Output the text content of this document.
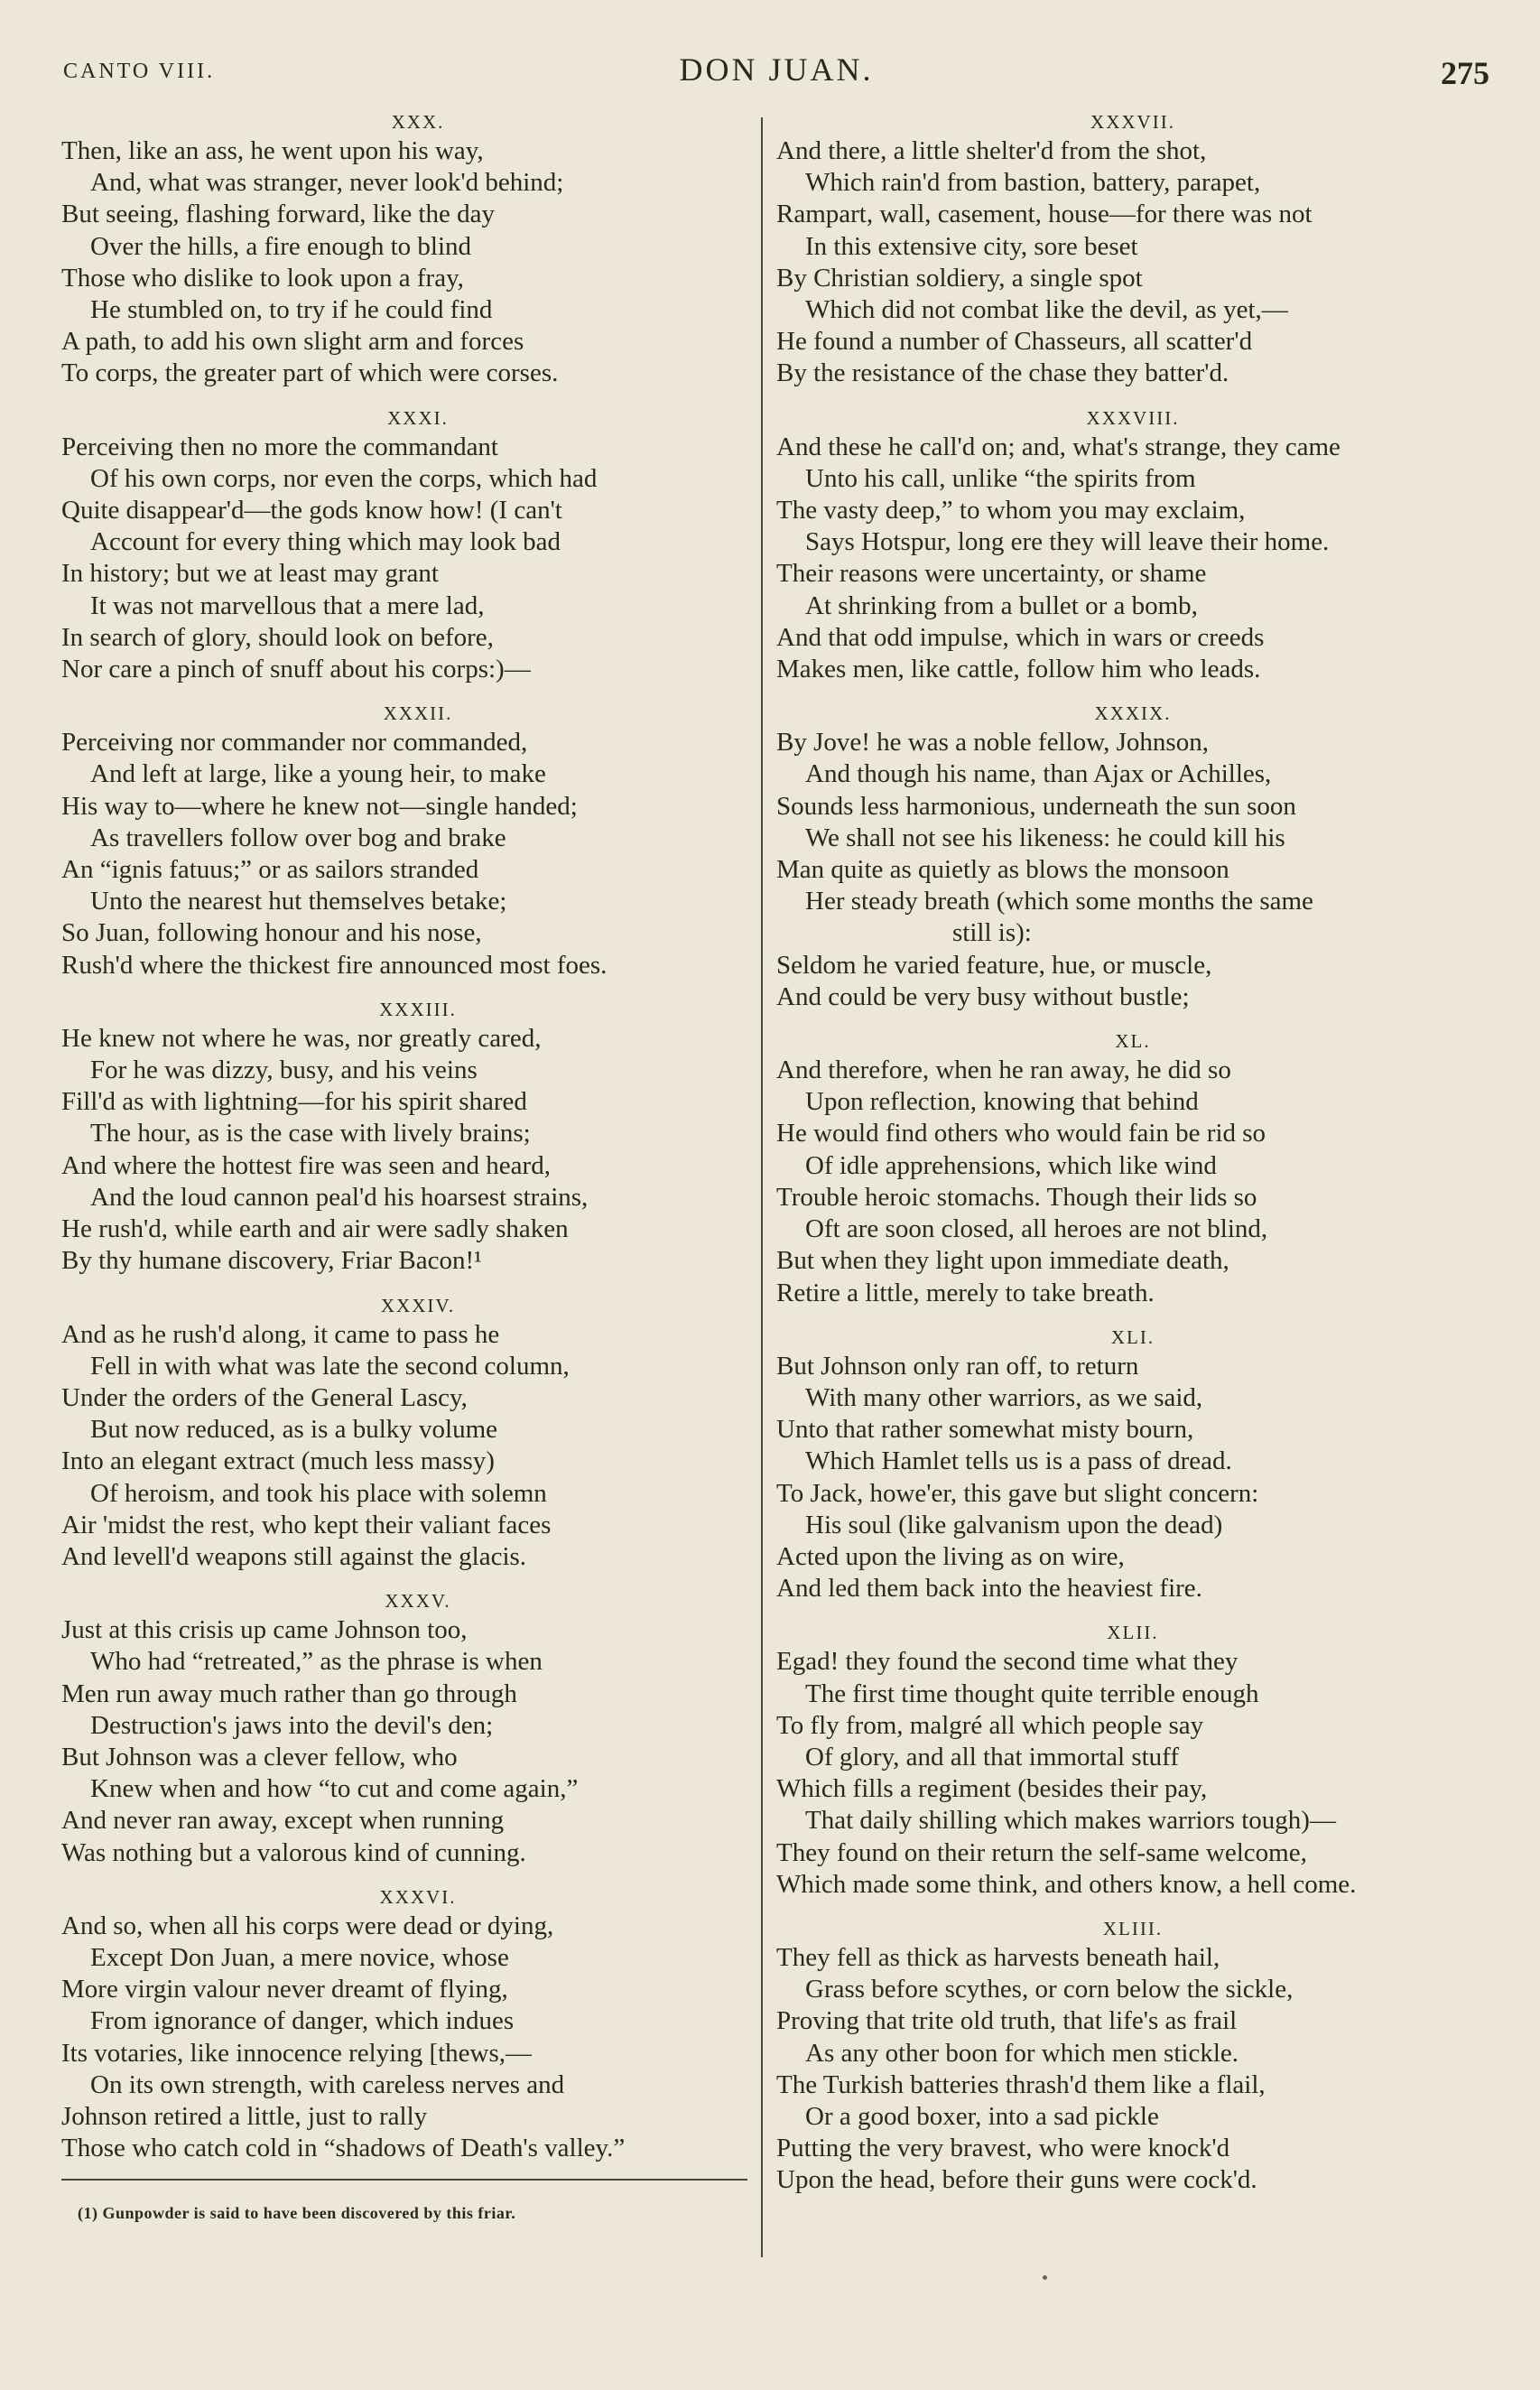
CANTO VIII.	DON JUAN.	275
XXX.
Then, like an ass, he went upon his way,
And, what was stranger, never look'd behind;
But seeing, flashing forward, like the day
Over the hills, a fire enough to blind
Those who dislike to look upon a fray,
He stumbled on, to try if he could find
A path, to add his own slight arm and forces
To corps, the greater part of which were corses.
XXXI.
Perceiving then no more the commandant
Of his own corps, nor even the corps, which had
Quite disappear'd—the gods know how! (I can't
Account for every thing which may look bad
In history; but we at least may grant
It was not marvellous that a mere lad,
In search of glory, should look on before,
Nor care a pinch of snuff about his corps:)—
XXXII.
Perceiving nor commander nor commanded,
And left at large, like a young heir, to make
His way to—where he knew not—single handed;
As travellers follow over bog and brake
An “ignis fatuus;” or as sailors stranded
Unto the nearest hut themselves betake;
So Juan, following honour and his nose,
Rush'd where the thickest fire announced most foes.
XXXIII.
He knew not where he was, nor greatly cared,
For he was dizzy, busy, and his veins
Fill'd as with lightning—for his spirit shared
The hour, as is the case with lively brains;
And where the hottest fire was seen and heard,
And the loud cannon peal'd his hoarsest strains,
He rush'd, while earth and air were sadly shaken
By thy humane discovery, Friar Bacon!¹
XXXIV.
And as he rush'd along, it came to pass he
Fell in with what was late the second column,
Under the orders of the General Lascy,
But now reduced, as is a bulky volume
Into an elegant extract (much less massy)
Of heroism, and took his place with solemn
Air 'midst the rest, who kept their valiant faces
And levell'd weapons still against the glacis.
XXXV.
Just at this crisis up came Johnson too,
Who had “retreated,” as the phrase is when
Men run away much rather than go through
Destruction's jaws into the devil's den;
But Johnson was a clever fellow, who
Knew when and how “to cut and come again,”
And never ran away, except when running
Was nothing but a valorous kind of cunning.
XXXVI.
And so, when all his corps were dead or dying,
Except Don Juan, a mere novice, whose
More virgin valour never dreamt of flying,
From ignorance of danger, which indues
Its votaries, like innocence relying [thews,—
On its own strength, with careless nerves and
Johnson retired a little, just to rally
Those who catch cold in “shadows of Death's valley.”
(1) Gunpowder is said to have been discovered by this friar.
XXXVII.
And there, a little shelter'd from the shot,
Which rain'd from bastion, battery, parapet,
Rampart, wall, casement, house—for there was not
In this extensive city, sore beset
By Christian soldiery, a single spot
Which did not combat like the devil, as yet,—
He found a number of Chasseurs, all scatter'd
By the resistance of the chase they batter'd.
XXXVIII.
And these he call'd on; and, what's strange, they came
Unto his call, unlike “the spirits from
The vasty deep,” to whom you may exclaim,
Says Hotspur, long ere they will leave their home.
Their reasons were uncertainty, or shame
At shrinking from a bullet or a bomb,
And that odd impulse, which in wars or creeds
Makes men, like cattle, follow him who leads.
XXXIX.
By Jove! he was a noble fellow, Johnson,
And though his name, than Ajax or Achilles,
Sounds less harmonious, underneath the sun soon
We shall not see his likeness: he could kill his
Man quite as quietly as blows the monsoon
Her steady breath (which some months the same
still is):
Seldom he varied feature, hue, or muscle,
And could be very busy without bustle;
XL.
And therefore, when he ran away, he did so
Upon reflection, knowing that behind
He would find others who would fain be rid so
Of idle apprehensions, which like wind
Trouble heroic stomachs. Though their lids so
Oft are soon closed, all heroes are not blind,
But when they light upon immediate death,
Retire a little, merely to take breath.
XLI.
But Johnson only ran off, to return
With many other warriors, as we said,
Unto that rather somewhat misty bourn,
Which Hamlet tells us is a pass of dread.
To Jack, howe'er, this gave but slight concern:
His soul (like galvanism upon the dead)
Acted upon the living as on wire,
And led them back into the heaviest fire.
XLII.
Egad! they found the second time what they
The first time thought quite terrible enough
To fly from, malgré all which people say
Of glory, and all that immortal stuff
Which fills a regiment (besides their pay,
That daily shilling which makes warriors tough)—
They found on their return the self-same welcome,
Which made some think, and others know, a hell come.
XLIII.
They fell as thick as harvests beneath hail,
Grass before scythes, or corn below the sickle,
Proving that trite old truth, that life's as frail
As any other boon for which men stickle.
The Turkish batteries thrash'd them like a flail,
Or a good boxer, into a sad pickle
Putting the very bravest, who were knock'd
Upon the head, before their guns were cock'd.
